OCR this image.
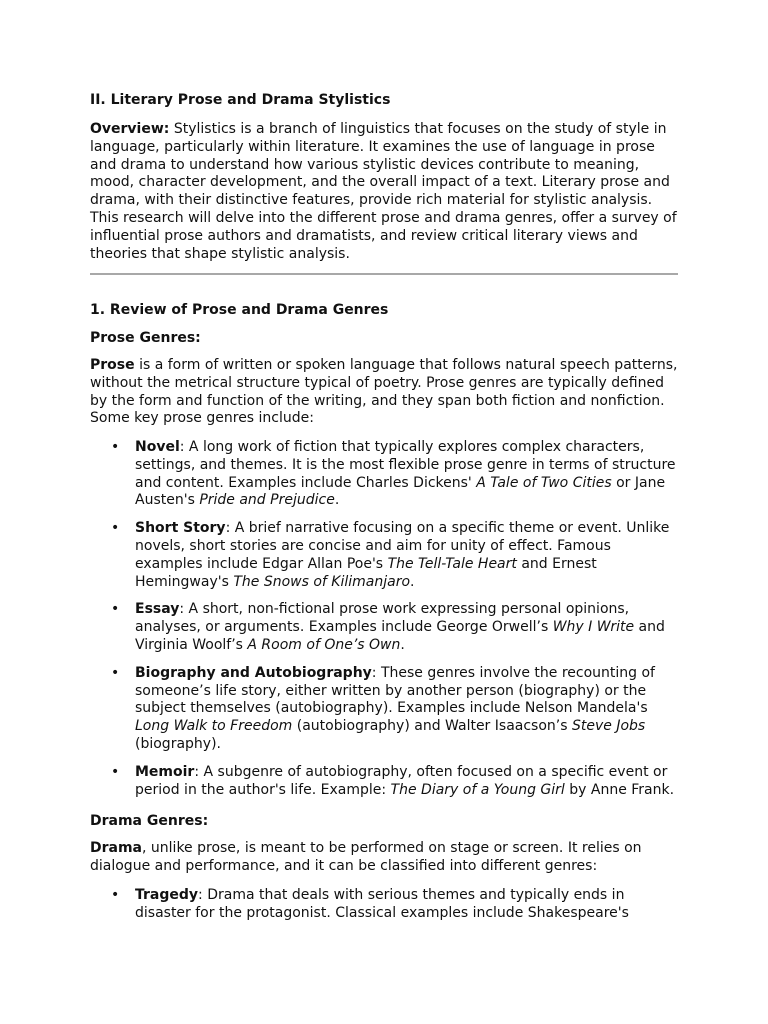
II. Literary Prose and Drama Stylistics

Overview: Stylistics is a branch of linguistics that focuses on the study of style in language, particularly within literature. It examines the use of language in prose and drama to understand how various stylistic devices contribute to meaning, mood, character development, and the overall impact of a text. Literary prose and drama, with their distinctive features, provide rich material for stylistic analysis. This research will delve into the different prose and drama genres, offer a survey of influential prose authors and dramatists, and review critical literary views and theories that shape stylistic analysis.

1. Review of Prose and Drama Genres
Prose Genres:

Prose is a form of written or spoken language that follows natural speech patterns, without the metrical structure typical of poetry. Prose genres are typically defined by the form and function of the writing, and they span both fiction and nonfiction. Some key prose genres include:

• Novel: A long work of fiction that typically explores complex characters, settings, and themes. It is the most flexible prose genre in terms of structure and content. Examples include Charles Dickens' A Tale of Two Cities or Jane Austen's Pride and Prejudice.
• Short Story: A brief narrative focusing on a specific theme or event. Unlike novels, short stories are concise and aim for unity of effect. Famous examples include Edgar Allan Poe's The Tell-Tale Heart and Ernest Hemingway's The Snows of Kilimanjaro.
• Essay: A short, non-fictional prose work expressing personal opinions, analyses, or arguments. Examples include George Orwell’s Why I Write and Virginia Woolf’s A Room of One’s Own.
• Biography and Autobiography: These genres involve the recounting of someone’s life story, either written by another person (biography) or the subject themselves (autobiography). Examples include Nelson Mandela's Long Walk to Freedom (autobiography) and Walter Isaacson’s Steve Jobs (biography).
• Memoir: A subgenre of autobiography, often focused on a specific event or period in the author's life. Example: The Diary of a Young Girl by Anne Frank.
Drama Genres:

Drama, unlike prose, is meant to be performed on stage or screen. It relies on dialogue and performance, and it can be classified into different genres:

• Tragedy: Drama that deals with serious themes and typically ends in disaster for the protagonist. Classical examples include Shakespeare's
